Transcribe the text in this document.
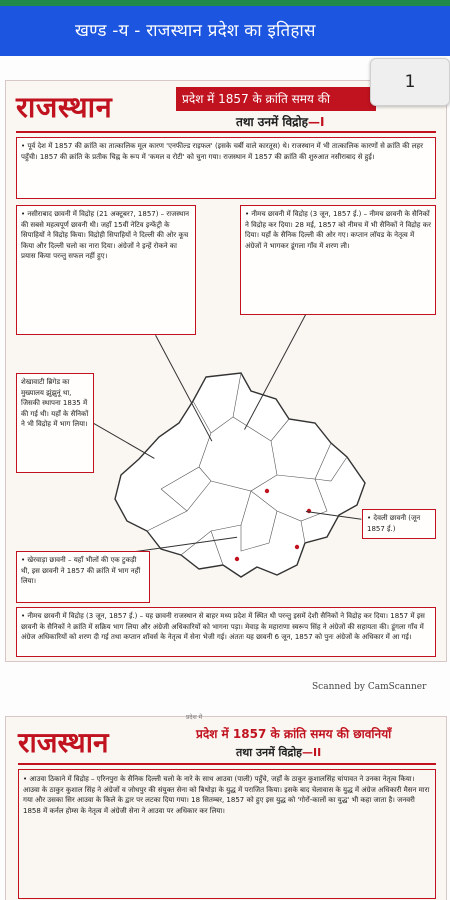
खण्ड -य - राजस्थान प्रदेश का इतिहास
राजस्थान	प्रदेश में 1857 के क्रांति समय की
तथा उनमें विद्रोह—I
• पूर्व देश में 1857 की क्रांति का तात्कालिक मूल कारण 'एनफील्ड राइफल' (इसके चर्बी वाले कारतूस) थे। राजस्थान में भी तात्कालिक कारणों से क्रांति की लहर पहुँची। 1857 की क्रांति के प्रतीक चिह्न के रूप में 'कमल व रोटी' को चुना गया। राजस्थान में 1857 की क्रांति की शुरुआत नसीराबाद से हुई।
• नसीराबाद छावनी में विद्रोह (21 अक्टूबर?, 1857) – राजस्थान की सबसे महत्वपूर्ण छावनी थी। जहाँ 15वीं नेटिव इन्फेंट्री के सिपाहियों ने विद्रोह किया। विद्रोही सिपाहियों ने दिल्ली की ओर कूच किया और दिल्ली चलो का नारा दिया। अंग्रेजों ने इन्हें रोकने का प्रयास किया परन्तु सफल नहीं हुए।
• नीमच छावनी में विद्रोह (3 जून, 1857 ई.) – नीमच छावनी के सैनिकों ने विद्रोह कर दिया। 28 मई, 1857 को नीमच में भी सैनिकों ने विद्रोह कर दिया। यहाँ के सैनिक दिल्ली की ओर गए। कप्तान लॉयड के नेतृत्व में अंग्रेजों ने भागकर डूंगला गाँव में शरण ली।
शेखावाटी ब्रिगेड का मुख्यालय झुंझुनूं था, जिसकी स्थापना 1835 में की गई थी। यहाँ के सैनिकों ने भी विद्रोह में भाग लिया।
• देवली छावनी (जून 1857 ई.)
• खेरवाड़ा छावनी – यहाँ भीलों की एक टुकड़ी थी, इस छावनी ने 1857 की क्रांति में भाग नहीं लिया।
• नीमच छावनी में विद्रोह (3 जून, 1857 ई.) – यह छावनी राजस्थान से बाहर मध्य प्रदेश में स्थित थी परन्तु इसमें देशी सैनिकों ने विद्रोह कर दिया। 1857 में इस छावनी के सैनिकों ने क्रांति में सक्रिय भाग लिया और अंग्रेजी अधिकारियों को भागना पड़ा। मेवाड़ के महाराणा स्वरूप सिंह ने अंग्रेजों की सहायता की। डूंगला गाँव में अंग्रेज अधिकारियों को शरण दी गई तथा कप्तान शॉवर्स के नेतृत्व में सेना भेजी गई। अंततः यह छावनी 6 जून, 1857 को पुनः अंग्रेजों के अधिकार में आ गई।
1
Scanned by CamScanner
प्रदेश में
राजस्थान	प्रदेश में 1857 के क्रांति समय की छावनियाँ
तथा उनमें विद्रोह—II
• आउवा ठिकाने में विद्रोह – एरिनपुरा के सैनिक दिल्ली चलो के नारे के साथ आउवा (पाली) पहुँचे, जहाँ के ठाकुर कुशालसिंह चांपावत ने उनका नेतृत्व किया। आउवा के ठाकुर कुशाल सिंह ने अंग्रेजों व जोधपुर की संयुक्त सेना को बिथोड़ा के युद्ध में पराजित किया। इसके बाद चेलावास के युद्ध में अंग्रेज अधिकारी मैसन मारा गया और उसका सिर आउवा के किले के द्वार पर लटका दिया गया। 18 सितम्बर, 1857 को हुए इस युद्ध को 'गोरों-कालों का युद्ध' भी कहा जाता है। जनवरी 1858 में कर्नल होम्स के नेतृत्व में अंग्रेजी सेना ने आउवा पर अधिकार कर लिया।
